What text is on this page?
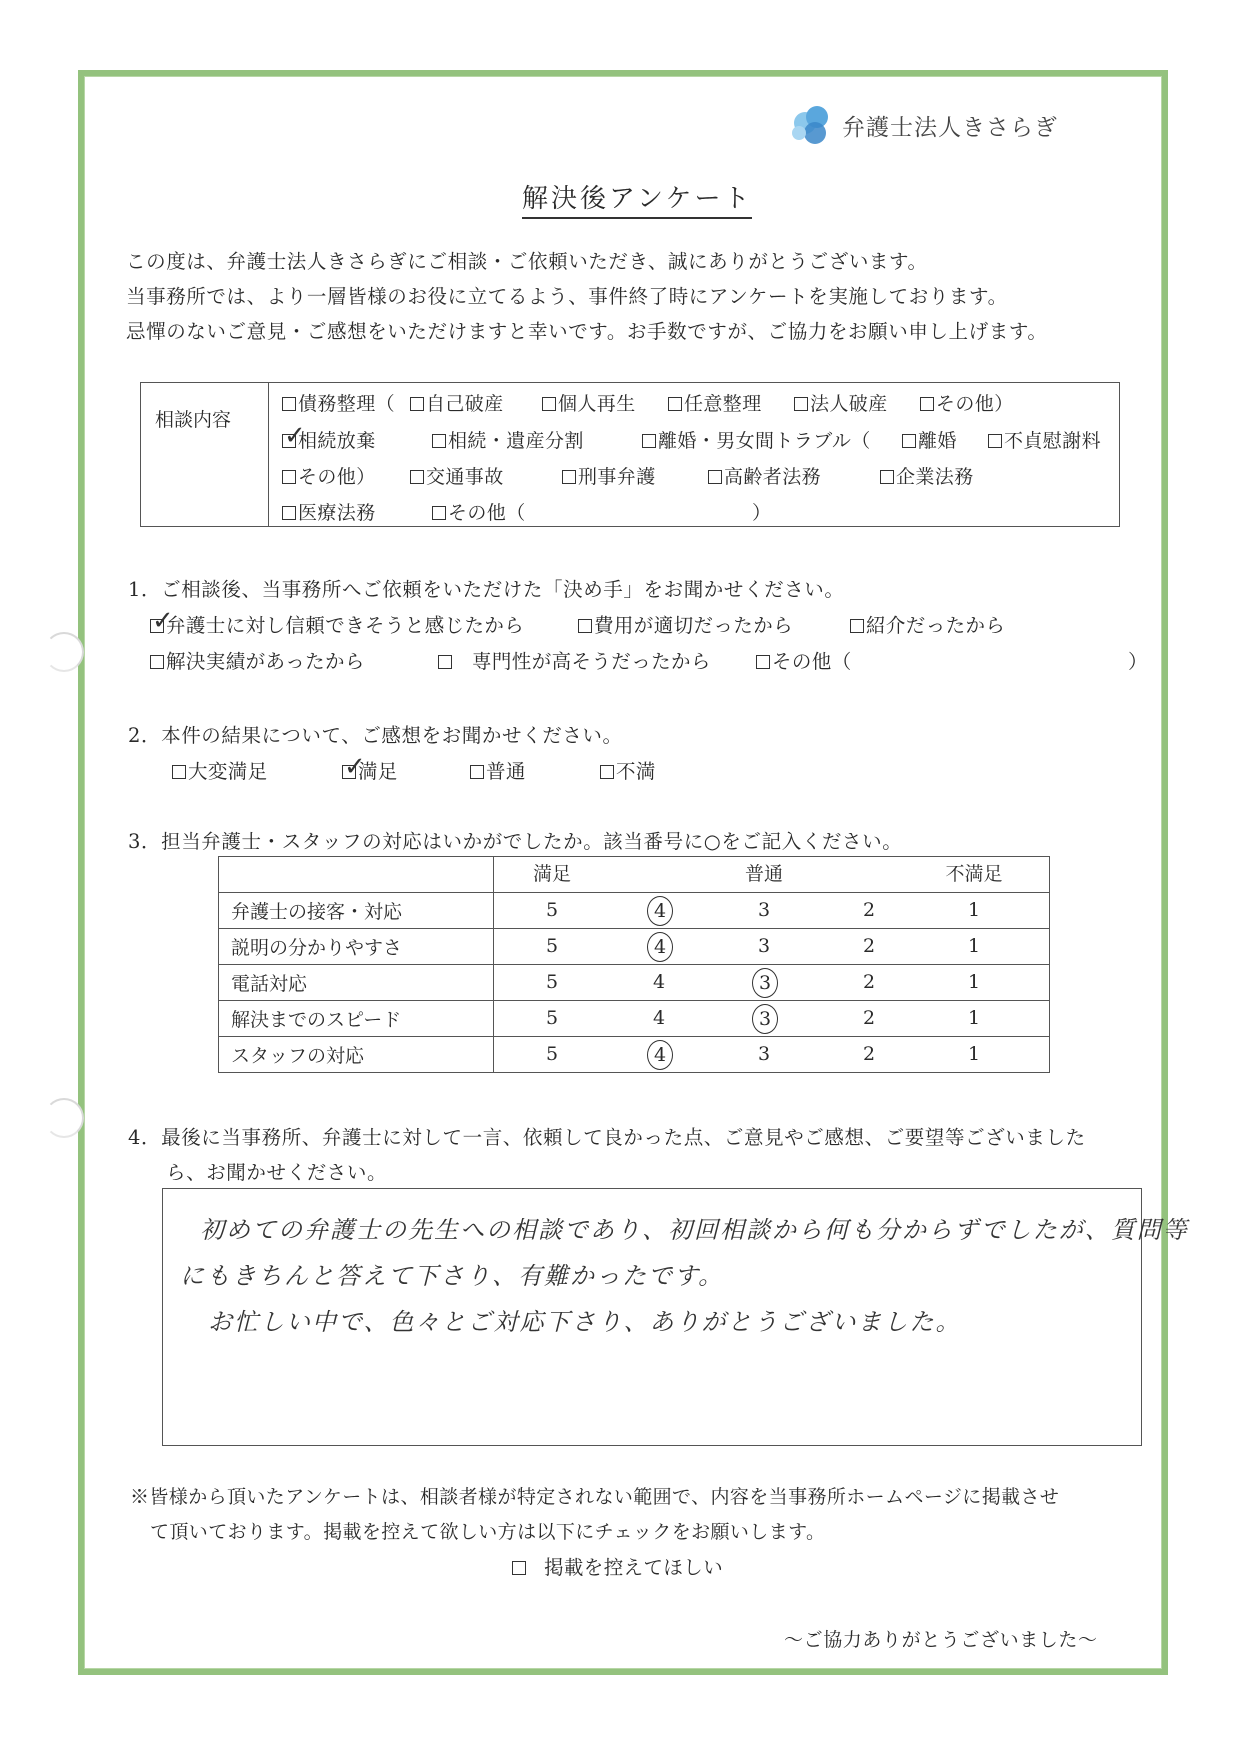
弁護士法人きさらぎ
解決後アンケート
この度は、弁護士法人きさらぎにご相談・ご依頼いただき、誠にありがとうございます。
当事務所では、より一層皆様のお役に立てるよう、事件終了時にアンケートを実施しております。
忌憚のないご意見・ご感想をいただけますと幸いです。お手数ですが、ご協力をお願い申し上げます。
相談内容
債務整理（	自己破産	個人再生	任意整理	法人破産	その他）
✓
相続放棄	相続・遺産分割	離婚・男女間トラブル（	離婚	不貞慰謝料
その他）	交通事故	刑事弁護	高齢者法務	企業法務
医療法務	その他（	）
1．ご相談後、当事務所へご依頼をいただけた「決め手」をお聞かせください。
✓
弁護士に対し信頼できそうと感じたから	費用が適切だったから	紹介だったから
解決実績があったから	専門性が高そうだったから	その他（	）
2．本件の結果について、ご感想をお聞かせください。
大変満足	✓
満足	普通	不満
3．担当弁護士・スタッフの対応はいかがでしたか。該当番号に○をご記入ください。

	満足 普通 不満足

弁護士の接客・対応	5 4 3 2 1

説明の分かりやすさ	5 4 3 2 1

電話対応	5 4 3 2 1

解決までのスピード	5 4 3 2 1

スタッフの対応	5 4 3 2 1
4．最後に当事務所、弁護士に対して一言、依頼して良かった点、ご意見やご感想、ご要望等ございました
ら、お聞かせください。
初めての弁護士の先生への相談であり、初回相談から何も分からずでしたが、質問等
にもきちんと答えて下さり、有難かったです。
お忙しい中で、色々とご対応下さり、ありがとうございました。
※皆様から頂いたアンケートは、相談者様が特定されない範囲で、内容を当事務所ホームページに掲載させ
て頂いております。掲載を控えて欲しい方は以下にチェックをお願いします。
掲載を控えてほしい
～ご協力ありがとうございました～
